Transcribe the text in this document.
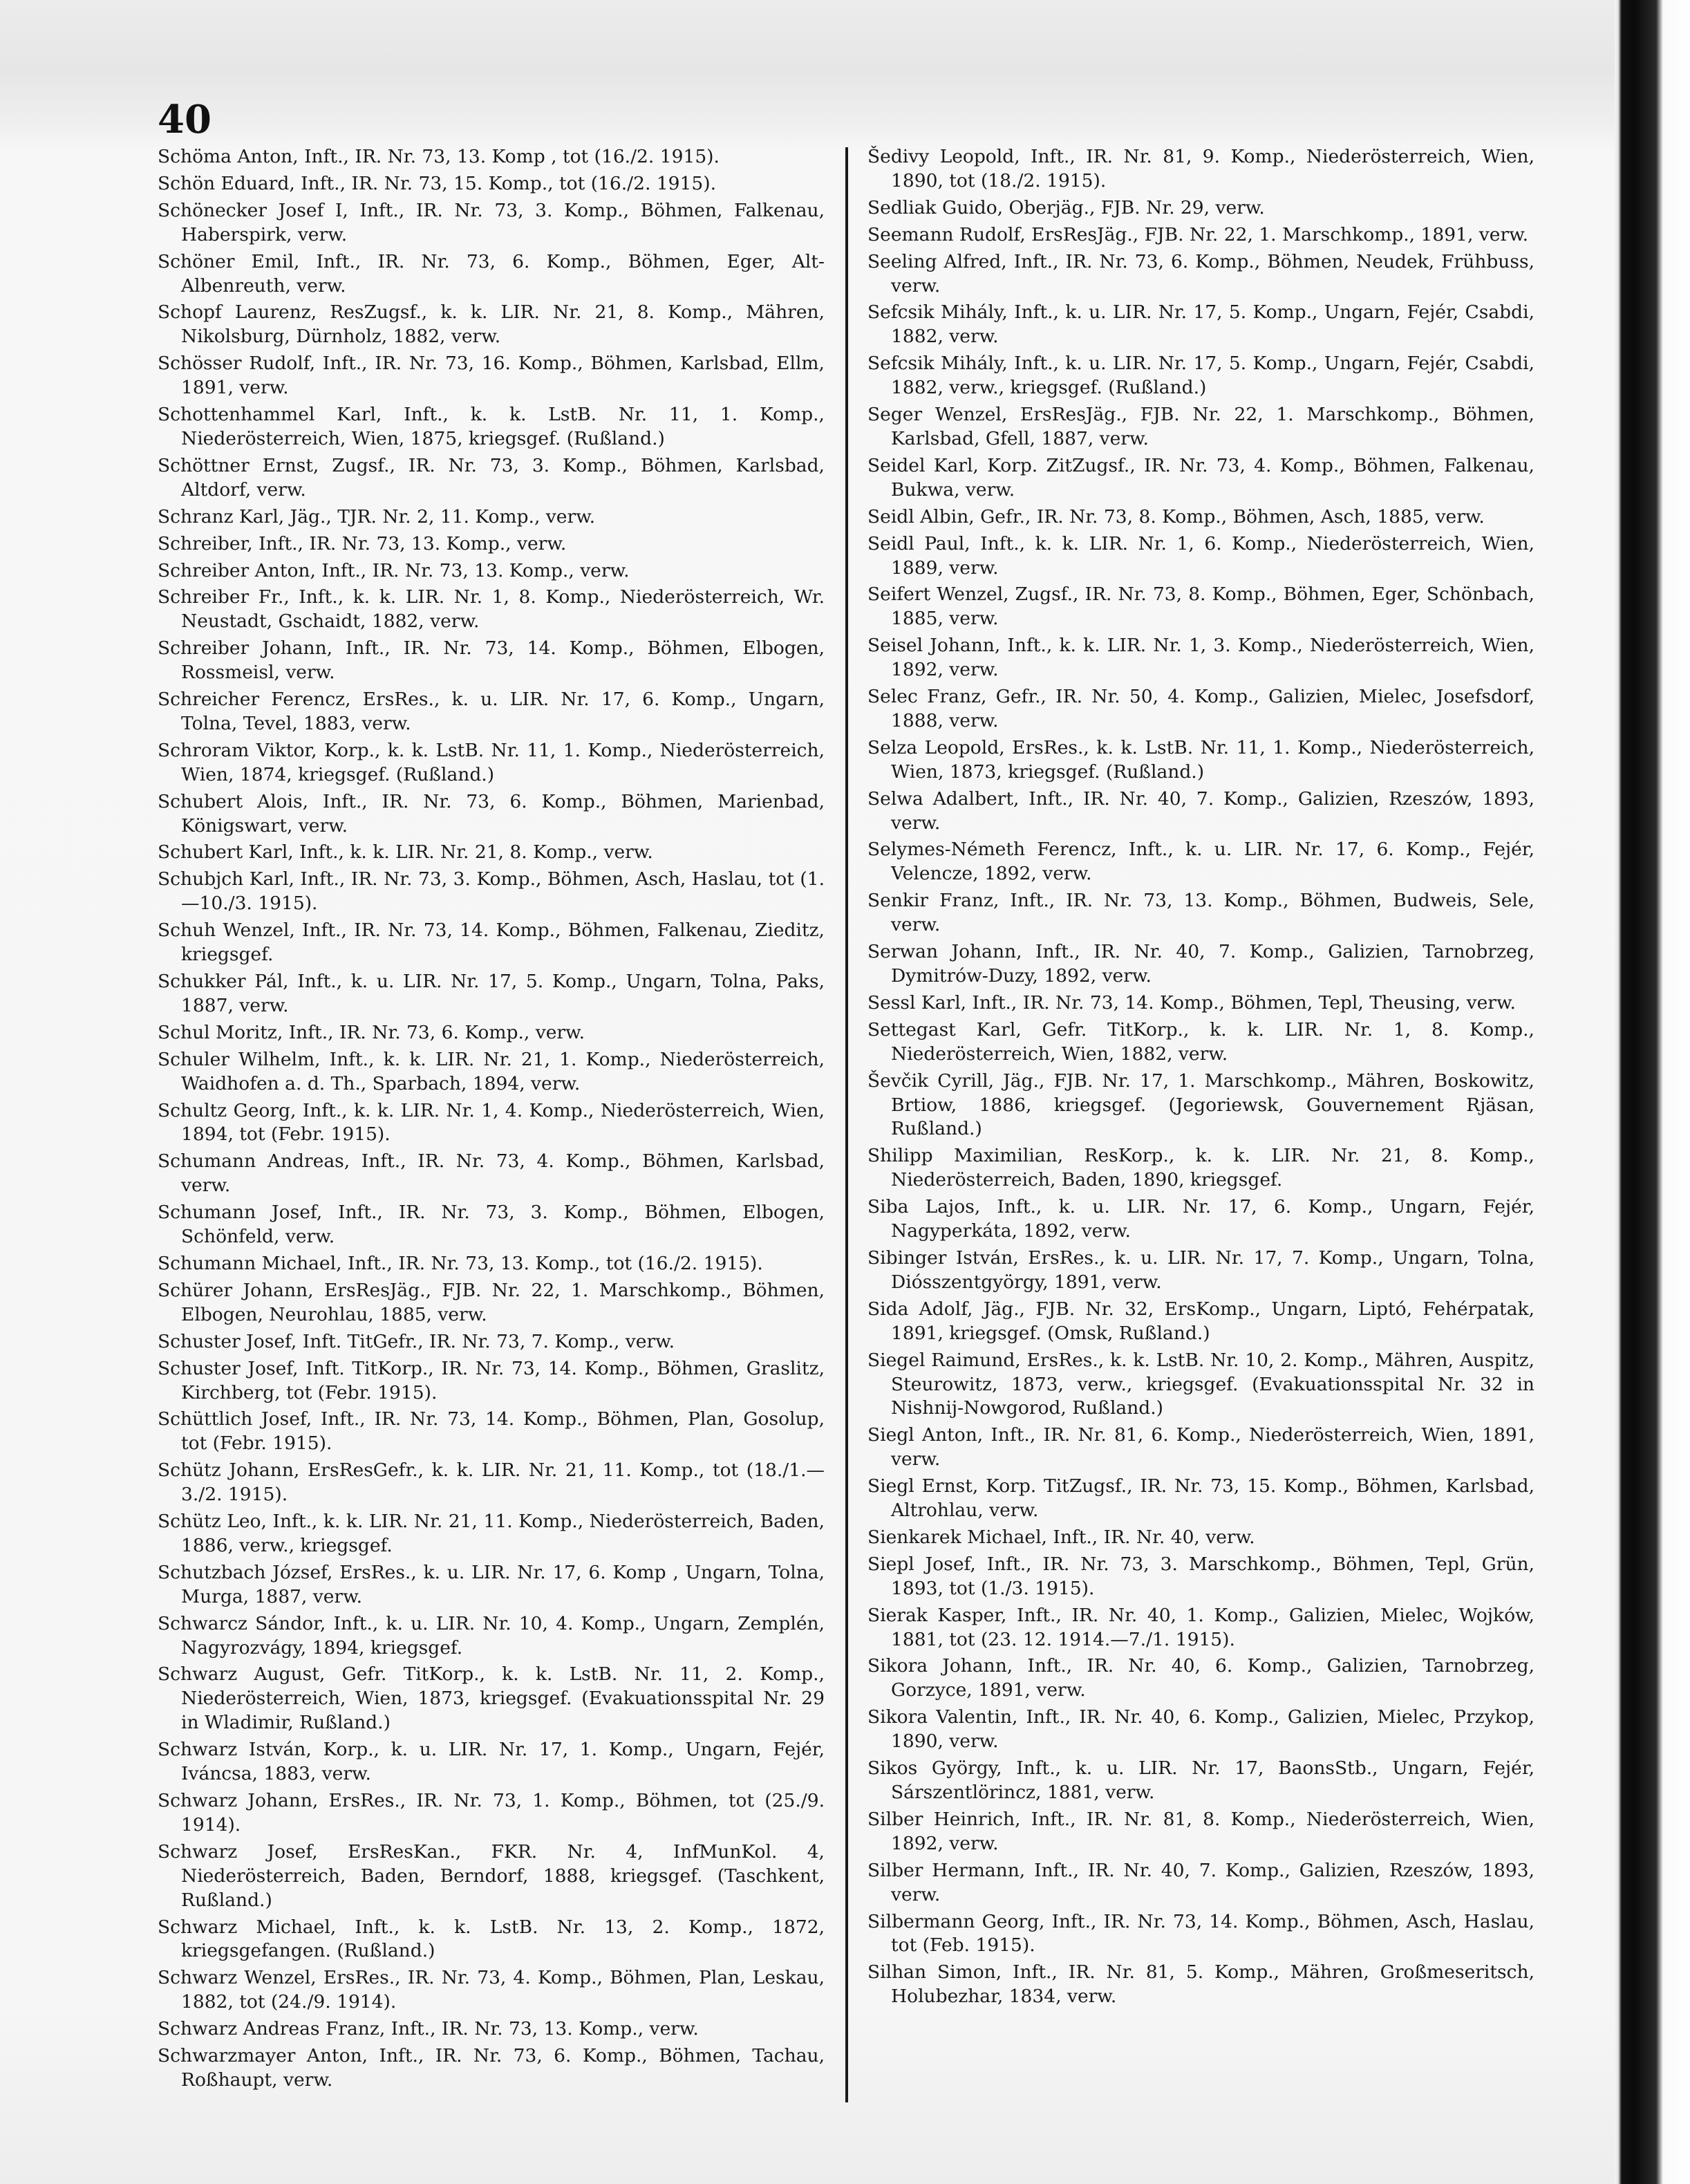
40

Schöma Anton, Inft., IR. Nr. 73, 13. Komp , tot (16./2. 1915).

Schön Eduard, Inft., IR. Nr. 73, 15. Komp., tot (16./2. 1915).

Schönecker Josef I, Inft., IR. Nr. 73, 3. Komp., Böhmen, Falkenau, Haberspirk, verw.

Schöner Emil, Inft., IR. Nr. 73, 6. Komp., Böhmen, Eger, Alt-Albenreuth, verw.

Schopf Laurenz, ResZugsf., k. k. LIR. Nr. 21, 8. Komp., Mähren, Nikolsburg, Dürnholz, 1882, verw.

Schösser Rudolf, Inft., IR. Nr. 73, 16. Komp., Böhmen, Karlsbad, Ellm, 1891, verw.

Schottenhammel Karl, Inft., k. k. LstB. Nr. 11, 1. Komp., Niederösterreich, Wien, 1875, kriegsgef. (Rußland.)

Schöttner Ernst, Zugsf., IR. Nr. 73, 3. Komp., Böhmen, Karlsbad, Altdorf, verw.

Schranz Karl, Jäg., TJR. Nr. 2, 11. Komp., verw.

Schreiber, Inft., IR. Nr. 73, 13. Komp., verw.

Schreiber Anton, Inft., IR. Nr. 73, 13. Komp., verw.

Schreiber Fr., Inft., k. k. LIR. Nr. 1, 8. Komp., Niederösterreich, Wr. Neustadt, Gschaidt, 1882, verw.

Schreiber Johann, Inft., IR. Nr. 73, 14. Komp., Böhmen, Elbogen, Rossmeisl, verw.

Schreicher Ferencz, ErsRes., k. u. LIR. Nr. 17, 6. Komp., Ungarn, Tolna, Tevel, 1883, verw.

Schroram Viktor, Korp., k. k. LstB. Nr. 11, 1. Komp., Niederösterreich, Wien, 1874, kriegsgef. (Rußland.)

Schubert Alois, Inft., IR. Nr. 73, 6. Komp., Böhmen, Marienbad, Königswart, verw.

Schubert Karl, Inft., k. k. LIR. Nr. 21, 8. Komp., verw.

Schubjch Karl, Inft., IR. Nr. 73, 3. Komp., Böhmen, Asch, Haslau, tot (1.—10./3. 1915).

Schuh Wenzel, Inft., IR. Nr. 73, 14. Komp., Böhmen, Falkenau, Zieditz, kriegsgef.

Schukker Pál, Inft., k. u. LIR. Nr. 17, 5. Komp., Ungarn, Tolna, Paks, 1887, verw.

Schul Moritz, Inft., IR. Nr. 73, 6. Komp., verw.

Schuler Wilhelm, Inft., k. k. LIR. Nr. 21, 1. Komp., Niederösterreich, Waidhofen a. d. Th., Sparbach, 1894, verw.

Schultz Georg, Inft., k. k. LIR. Nr. 1, 4. Komp., Niederösterreich, Wien, 1894, tot (Febr. 1915).

Schumann Andreas, Inft., IR. Nr. 73, 4. Komp., Böhmen, Karlsbad, verw.

Schumann Josef, Inft., IR. Nr. 73, 3. Komp., Böhmen, Elbogen, Schönfeld, verw.

Schumann Michael, Inft., IR. Nr. 73, 13. Komp., tot (16./2. 1915).

Schürer Johann, ErsResJäg., FJB. Nr. 22, 1. Marschkomp., Böhmen, Elbogen, Neurohlau, 1885, verw.

Schuster Josef, Inft. TitGefr., IR. Nr. 73, 7. Komp., verw.

Schuster Josef, Inft. TitKorp., IR. Nr. 73, 14. Komp., Böhmen, Graslitz, Kirchberg, tot (Febr. 1915).

Schüttlich Josef, Inft., IR. Nr. 73, 14. Komp., Böhmen, Plan, Gosolup, tot (Febr. 1915).

Schütz Johann, ErsResGefr., k. k. LIR. Nr. 21, 11. Komp., tot (18./1.—3./2. 1915).

Schütz Leo, Inft., k. k. LIR. Nr. 21, 11. Komp., Niederösterreich, Baden, 1886, verw., kriegsgef.

Schutzbach József, ErsRes., k. u. LIR. Nr. 17, 6. Komp , Ungarn, Tolna, Murga, 1887, verw.

Schwarcz Sándor, Inft., k. u. LIR. Nr. 10, 4. Komp., Ungarn, Zemplén, Nagyrozvágy, 1894, kriegsgef.

Schwarz August, Gefr. TitKorp., k. k. LstB. Nr. 11, 2. Komp., Niederösterreich, Wien, 1873, kriegsgef. (Evakuationsspital Nr. 29 in Wladimir, Rußland.)

Schwarz István, Korp., k. u. LIR. Nr. 17, 1. Komp., Ungarn, Fejér, Iváncsa, 1883, verw.

Schwarz Johann, ErsRes., IR. Nr. 73, 1. Komp., Böhmen, tot (25./9. 1914).

Schwarz Josef, ErsResKan., FKR. Nr. 4, InfMunKol. 4, Niederösterreich, Baden, Berndorf, 1888, kriegsgef. (Taschkent, Rußland.)

Schwarz Michael, Inft., k. k. LstB. Nr. 13, 2. Komp., 1872, kriegsgefangen. (Rußland.)

Schwarz Wenzel, ErsRes., IR. Nr. 73, 4. Komp., Böhmen, Plan, Leskau, 1882, tot (24./9. 1914).

Schwarz Andreas Franz, Inft., IR. Nr. 73, 13. Komp., verw.

Schwarzmayer Anton, Inft., IR. Nr. 73, 6. Komp., Böhmen, Tachau, Roßhaupt, verw.

Šedivy Leopold, Inft., IR. Nr. 81, 9. Komp., Niederösterreich, Wien, 1890, tot (18./2. 1915).

Sedliak Guido, Oberjäg., FJB. Nr. 29, verw.

Seemann Rudolf, ErsResJäg., FJB. Nr. 22, 1. Marschkomp., 1891, verw.

Seeling Alfred, Inft., IR. Nr. 73, 6. Komp., Böhmen, Neudek, Frühbuss, verw.

Sefcsik Mihály, Inft., k. u. LIR. Nr. 17, 5. Komp., Ungarn, Fejér, Csabdi, 1882, verw.

Sefcsik Mihály, Inft., k. u. LIR. Nr. 17, 5. Komp., Ungarn, Fejér, Csabdi, 1882, verw., kriegsgef. (Rußland.)

Seger Wenzel, ErsResJäg., FJB. Nr. 22, 1. Marschkomp., Böhmen, Karlsbad, Gfell, 1887, verw.

Seidel Karl, Korp. ZitZugsf., IR. Nr. 73, 4. Komp., Böhmen, Falkenau, Bukwa, verw.

Seidl Albin, Gefr., IR. Nr. 73, 8. Komp., Böhmen, Asch, 1885, verw.

Seidl Paul, Inft., k. k. LIR. Nr. 1, 6. Komp., Niederösterreich, Wien, 1889, verw.

Seifert Wenzel, Zugsf., IR. Nr. 73, 8. Komp., Böhmen, Eger, Schönbach, 1885, verw.

Seisel Johann, Inft., k. k. LIR. Nr. 1, 3. Komp., Niederösterreich, Wien, 1892, verw.

Selec Franz, Gefr., IR. Nr. 50, 4. Komp., Galizien, Mielec, Josefsdorf, 1888, verw.

Selza Leopold, ErsRes., k. k. LstB. Nr. 11, 1. Komp., Niederösterreich, Wien, 1873, kriegsgef. (Rußland.)

Selwa Adalbert, Inft., IR. Nr. 40, 7. Komp., Galizien, Rzeszów, 1893, verw.

Selymes-Németh Ferencz, Inft., k. u. LIR. Nr. 17, 6. Komp., Fejér, Velencze, 1892, verw.

Senkir Franz, Inft., IR. Nr. 73, 13. Komp., Böhmen, Budweis, Sele, verw.

Serwan Johann, Inft., IR. Nr. 40, 7. Komp., Galizien, Tarnobrzeg, Dymitrów-Duzy, 1892, verw.

Sessl Karl, Inft., IR. Nr. 73, 14. Komp., Böhmen, Tepl, Theusing, verw.

Settegast Karl, Gefr. TitKorp., k. k. LIR. Nr. 1, 8. Komp., Niederösterreich, Wien, 1882, verw.

Ševčik Cyrill, Jäg., FJB. Nr. 17, 1. Marschkomp., Mähren, Boskowitz, Brtiow, 1886, kriegsgef. (Jegoriewsk, Gouvernement Rjäsan, Rußland.)

Shilipp Maximilian, ResKorp., k. k. LIR. Nr. 21, 8. Komp., Niederösterreich, Baden, 1890, kriegsgef.

Siba Lajos, Inft., k. u. LIR. Nr. 17, 6. Komp., Ungarn, Fejér, Nagyperkáta, 1892, verw.

Sibinger István, ErsRes., k. u. LIR. Nr. 17, 7. Komp., Ungarn, Tolna, Diósszentgyörgy, 1891, verw.

Sida Adolf, Jäg., FJB. Nr. 32, ErsKomp., Ungarn, Liptó, Fehérpatak, 1891, kriegsgef. (Omsk, Rußland.)

Siegel Raimund, ErsRes., k. k. LstB. Nr. 10, 2. Komp., Mähren, Auspitz, Steurowitz, 1873, verw., kriegsgef. (Evakuationsspital Nr. 32 in Nishnij-Nowgorod, Rußland.)

Siegl Anton, Inft., IR. Nr. 81, 6. Komp., Niederösterreich, Wien, 1891, verw.

Siegl Ernst, Korp. TitZugsf., IR. Nr. 73, 15. Komp., Böhmen, Karlsbad, Altrohlau, verw.

Sienkarek Michael, Inft., IR. Nr. 40, verw.

Siepl Josef, Inft., IR. Nr. 73, 3. Marschkomp., Böhmen, Tepl, Grün, 1893, tot (1./3. 1915).

Sierak Kasper, Inft., IR. Nr. 40, 1. Komp., Galizien, Mielec, Wojków, 1881, tot (23. 12. 1914.—7./1. 1915).

Sikora Johann, Inft., IR. Nr. 40, 6. Komp., Galizien, Tarnobrzeg, Gorzyce, 1891, verw.

Sikora Valentin, Inft., IR. Nr. 40, 6. Komp., Galizien, Mielec, Przykop, 1890, verw.

Sikos György, Inft., k. u. LIR. Nr. 17, BaonsStb., Ungarn, Fejér, Sárszentlörincz, 1881, verw.

Silber Heinrich, Inft., IR. Nr. 81, 8. Komp., Niederösterreich, Wien, 1892, verw.

Silber Hermann, Inft., IR. Nr. 40, 7. Komp., Galizien, Rzeszów, 1893, verw.

Silbermann Georg, Inft., IR. Nr. 73, 14. Komp., Böhmen, Asch, Haslau, tot (Feb. 1915).

Silhan Simon, Inft., IR. Nr. 81, 5. Komp., Mähren, Großmeseritsch, Holubezhar, 1834, verw.
